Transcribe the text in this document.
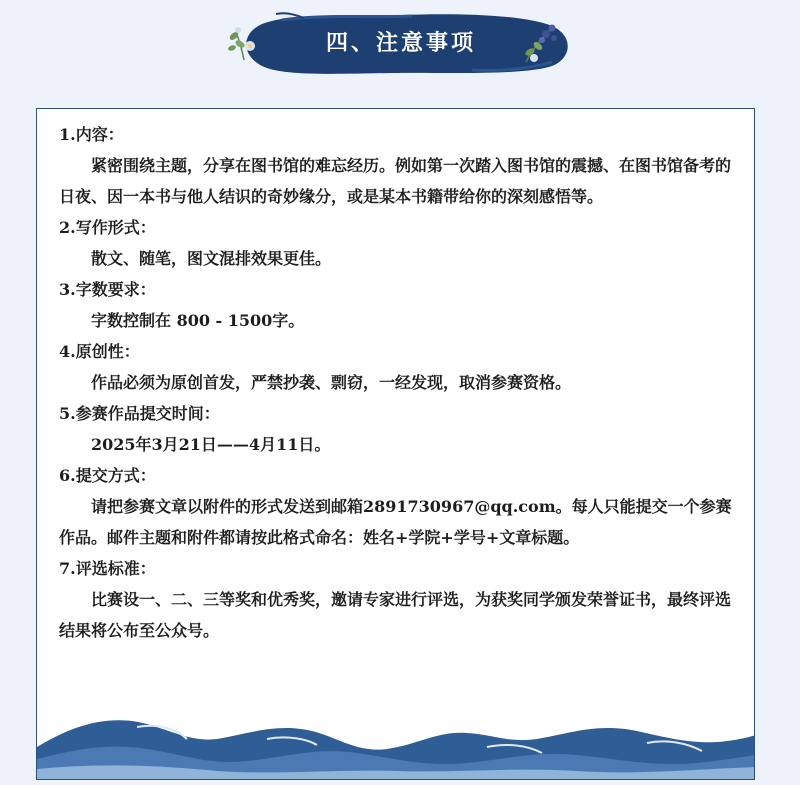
四、注意事项

1.内容：

紧密围绕主题，分享在图书馆的难忘经历。例如第一次踏入图书馆的震撼、在图书馆备考的日夜、因一本书与他人结识的奇妙缘分，或是某本书籍带给你的深刻感悟等。

2.写作形式：

散文、随笔，图文混排效果更佳。

3.字数要求：

字数控制在 800 - 1500字。

4.原创性：

作品必须为原创首发，严禁抄袭、剽窃，一经发现，取消参赛资格。

5.参赛作品提交时间：

2025年3月21日——4月11日。

6.提交方式：

请把参赛文章以附件的形式发送到邮箱2891730967@qq.com。每人只能提交一个参赛作品。邮件主题和附件都请按此格式命名：姓名+学院+学号+文章标题。

7.评选标准：

比赛设一、二、三等奖和优秀奖，邀请专家进行评选，为获奖同学颁发荣誉证书，最终评选结果将公布至公众号。
